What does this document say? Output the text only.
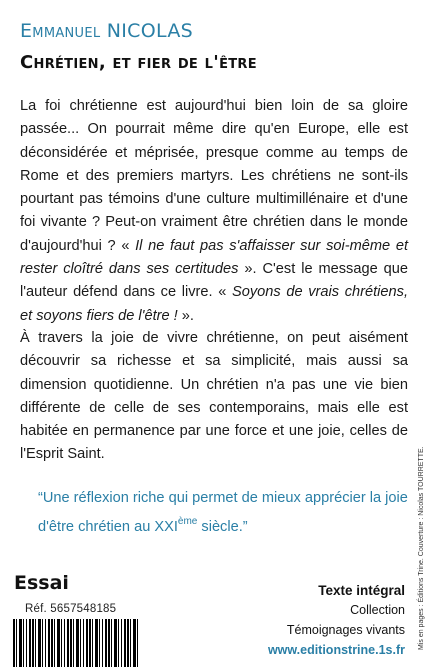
Emmanuel NICOLAS
Chrétien, et fier de l'être

La foi chrétienne est aujourd'hui bien loin de sa gloire passée... On pourrait même dire qu'en Europe, elle est déconsidérée et méprisée, presque comme au temps de Rome et des premiers martyrs. Les chrétiens ne sont-ils pourtant pas témoins d'une culture multimillénaire et d'une foi vivante ? Peut-on vraiment être chrétien dans le monde d'aujourd'hui ? « Il ne faut pas s'affaisser sur soi-même et rester cloîtré dans ses certitudes ». C'est le message que l'auteur défend dans ce livre. « Soyons de vrais chrétiens, et soyons fiers de l'être ! ».

À travers la joie de vivre chrétienne, on peut aisément découvrir sa richesse et sa simplicité, mais aussi sa dimension quotidienne. Un chrétien n'a pas une vie bien différente de celle de ses contemporains, mais elle est habitée en permanence par une force et une joie, celles de l'Esprit Saint.

“Une réflexion riche qui permet de mieux apprécier la joie d'être chrétien au XXIème siècle.”	Mis en pages : Éditions Trine. Couverture : Nicolas TOURRETTE.
Essai
Réf. 5657548185
Texte intégral
Collection
Témoignages vivants
www.editionstrine.1s.fr
